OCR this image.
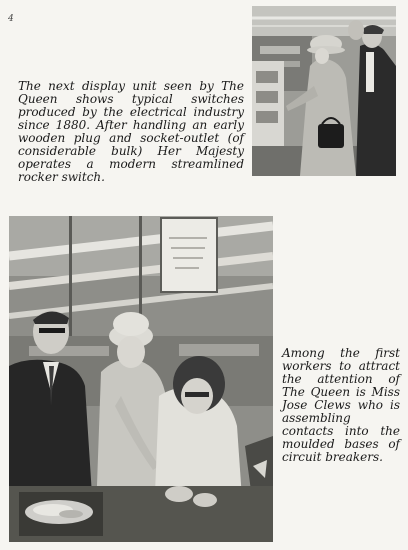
4
The next display unit seen by The Queen shows typical switches produced by the electrical industry since 1880. After handling an early wooden plug and socket-outlet (of considerable bulk) Her Majesty operates a modern streamlined rocker switch.
Among the first workers to attract the attention of The Queen is Miss Jose Clews who is assembling contacts into the moulded bases of circuit breakers.
